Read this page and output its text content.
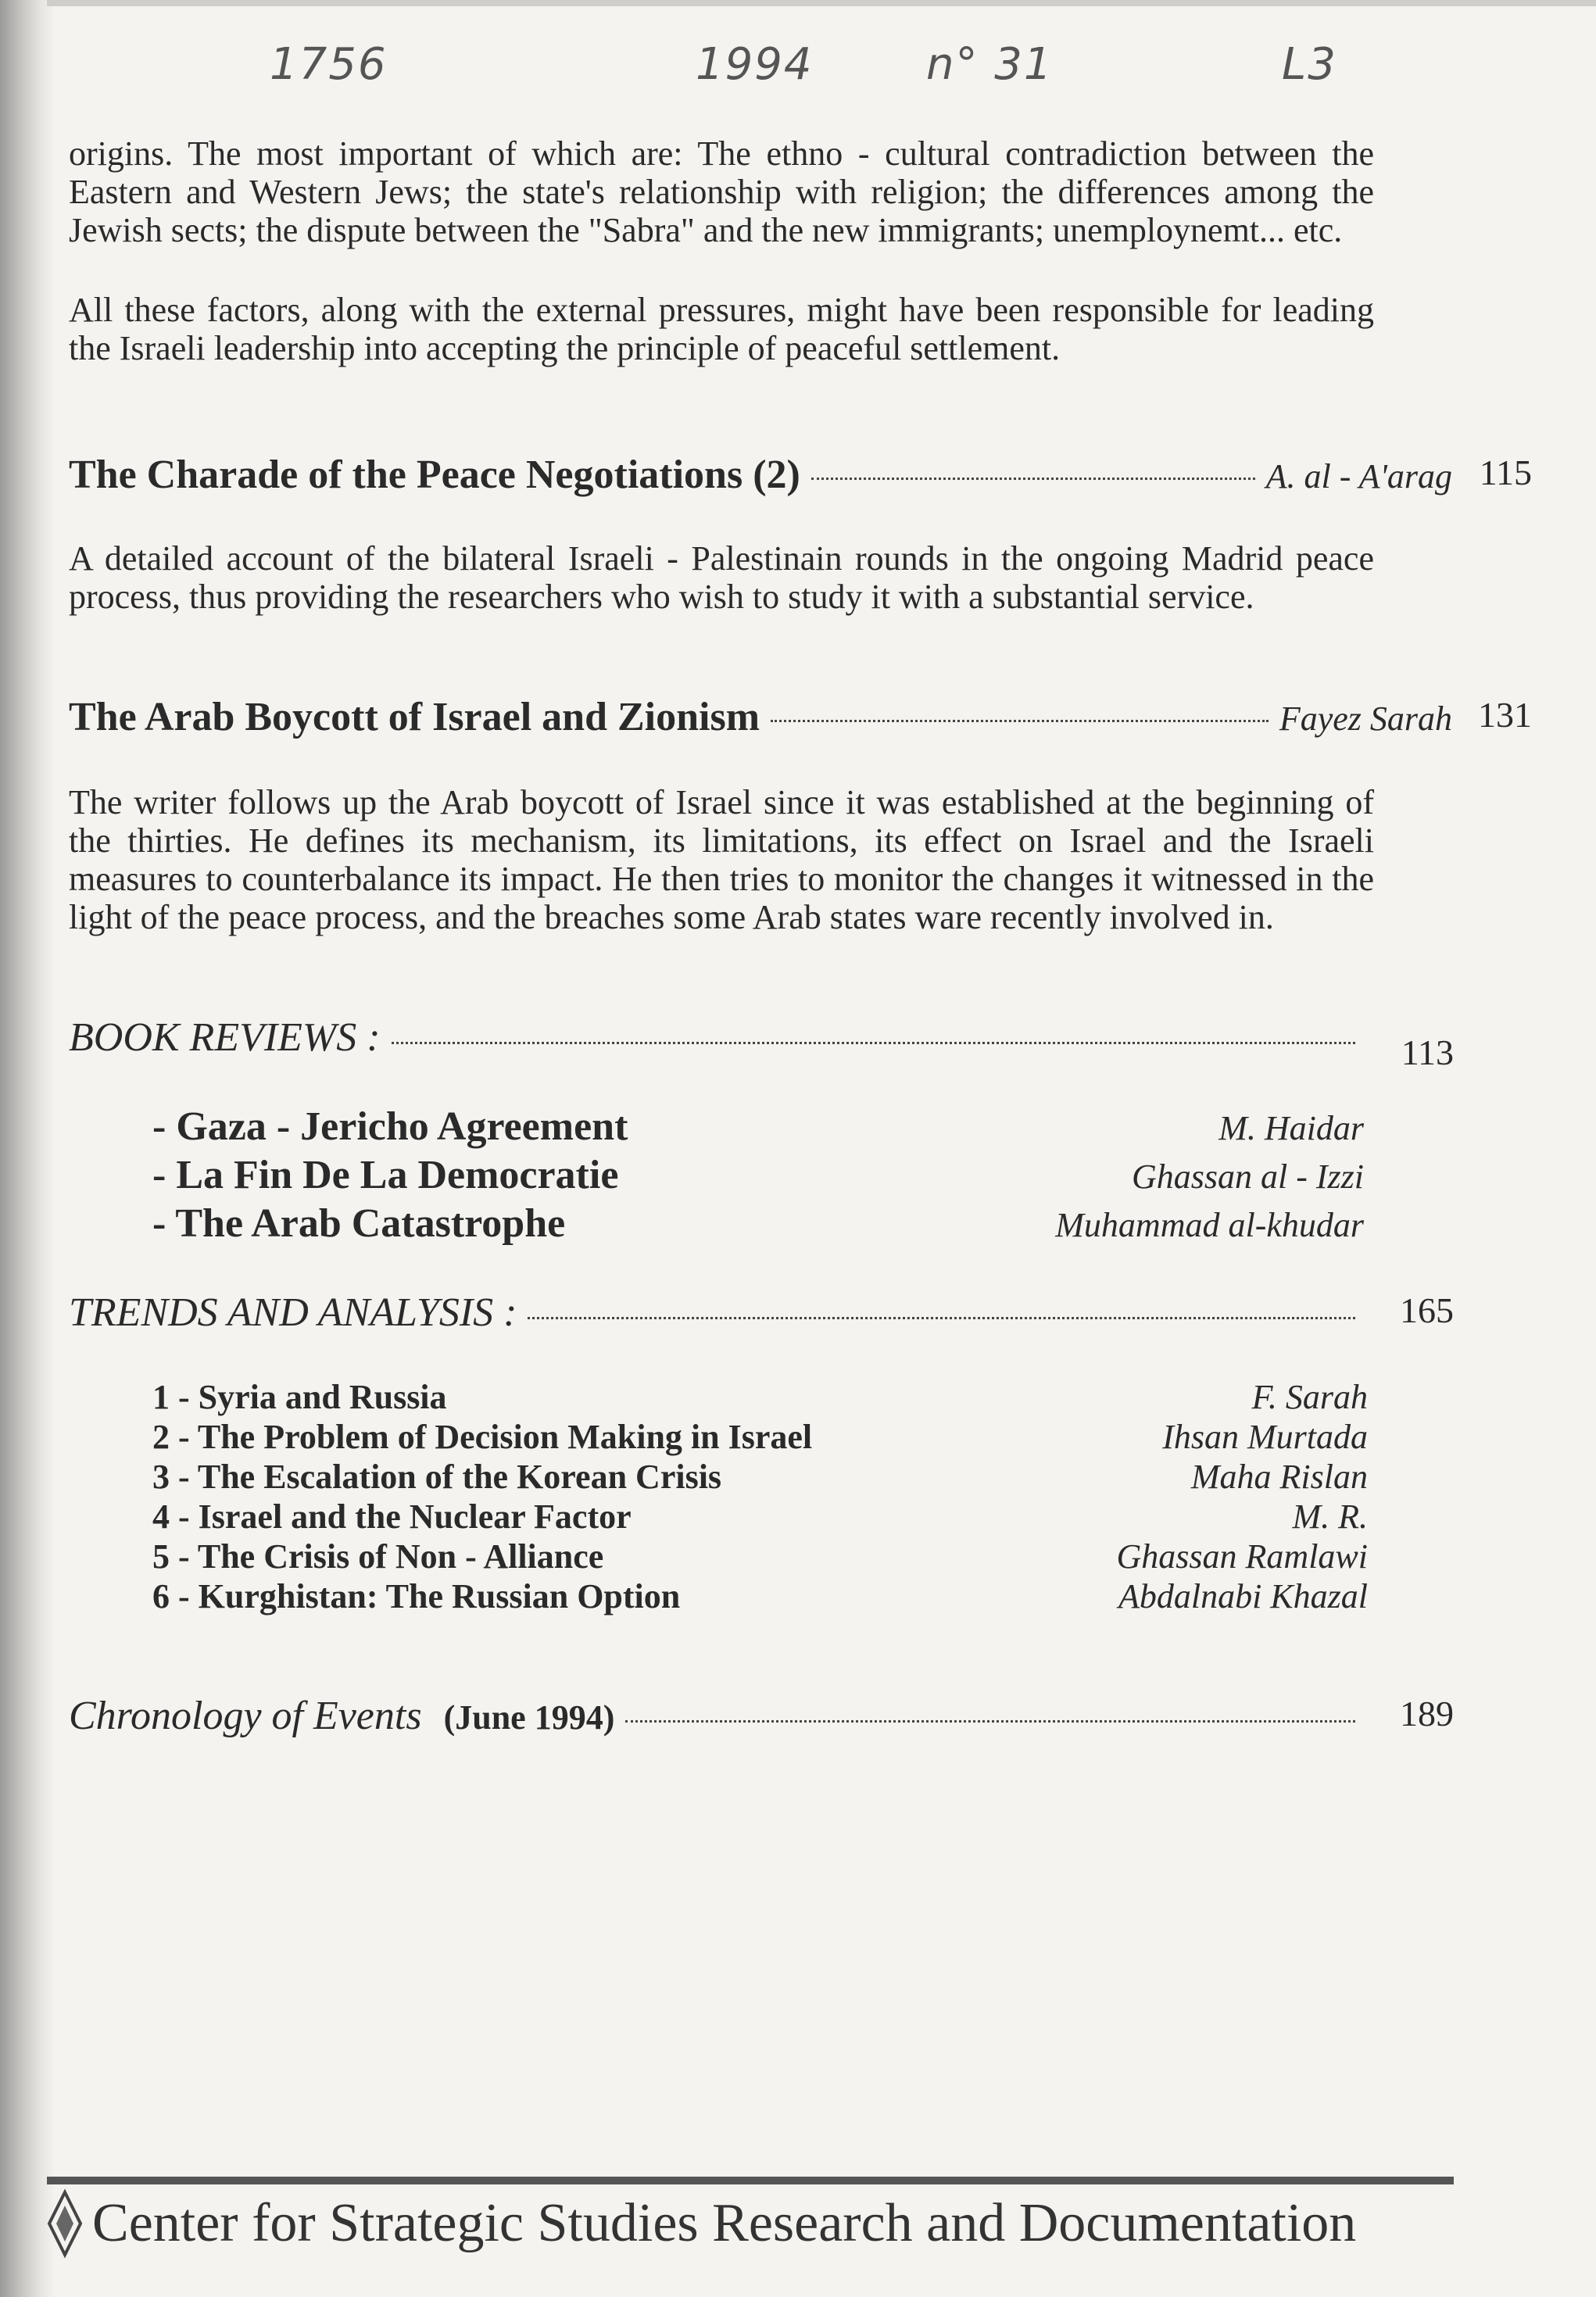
1756	1994	n° 31	L3

origins. The most important of which are: The ethno - cultural contradiction between the Eastern and Western Jews; the state's relationship with religion; the differences among the Jewish sects; the dispute between the "Sabra" and the new immigrants; unemploynemt... etc.

All these factors, along with the external pressures, might have been responsible for leading the Israeli leadership into accepting the principle of peaceful settlement.

The Charade of the Peace Negotiations (2)	A. al - A'arag 115

A detailed account of the bilateral Israeli - Palestinain rounds in the ongoing Madrid peace process, thus providing the researchers who wish to study it with a substantial service.

The Arab Boycott of Israel and Zionism	Fayez Sarah 131

The writer follows up the Arab boycott of Israel since it was established at the beginning of the thirties. He defines its mechanism, its limitations, its effect on Israel and the Israeli measures to counterbalance its impact. He then tries to monitor the changes it witnessed in the light of the peace process, and the breaches some Arab states ware recently involved in.

BOOK REVIEWS :	113
- Gaza - Jericho Agreement	M. Haidar
- La Fin De La Democratie	Ghassan al - Izzi
- The Arab Catastrophe	Muhammad al-khudar
TRENDS AND ANALYSIS :	165
1 - Syria and Russia	F. Sarah
2 - The Problem of Decision Making in Israel	Ihsan Murtada
3 - The Escalation of the Korean Crisis	Maha Rislan
4 - Israel and the Nuclear Factor	M. R.
5 - The Crisis of Non - Alliance	Ghassan Ramlawi
6 - Kurghistan: The Russian Option	Abdalnabi Khazal
Chronology of Events (June 1994)	189
Center for Strategic Studies Research and Documentation
